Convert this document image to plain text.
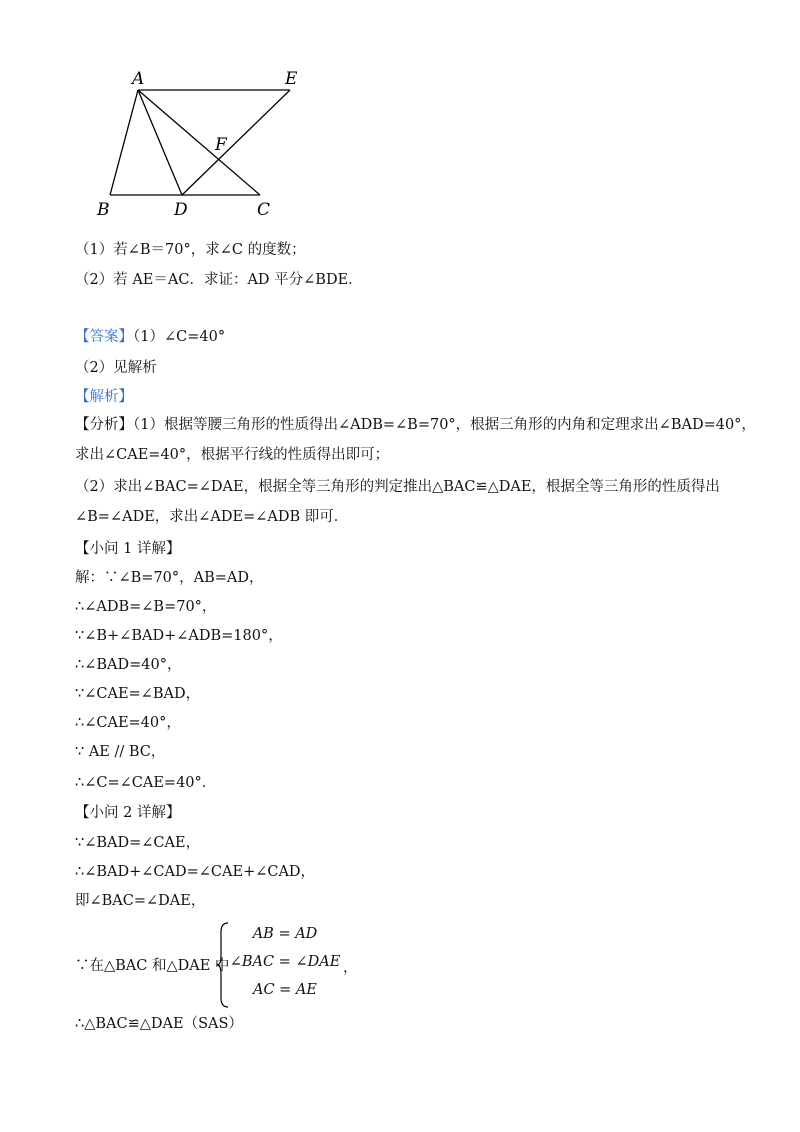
A	E
F
B	D	C
（1）若∠B＝70°，求∠C 的度数；
（2）若 AE＝AC．求证：AD 平分∠BDE．
【答案】（1）∠C=40°
（2）见解析
【解析】
【分析】（1）根据等腰三角形的性质得出∠ADB=∠B=70°，根据三角形的内角和定理求出∠BAD=40°，
求出∠CAE=40°，根据平行线的性质得出即可；
（2）求出∠BAC=∠DAE，根据全等三角形的判定推出△BAC≌△DAE，根据全等三角形的性质得出
∠B=∠ADE，求出∠ADE=∠ADB 即可．
【小问 1 详解】
解：∵∠B=70°，AB=AD，
∴∠ADB=∠B=70°，
∵∠B+∠BAD+∠ADB=180°，
∴∠BAD=40°，
∵∠CAE=∠BAD，
∴∠CAE=40°，
∵ AE // BC，
∴∠C=∠CAE=40°．
【小问 2 详解】
∵∠BAD=∠CAE，
∴∠BAD+∠CAD=∠CAE+∠CAD，
即∠BAC=∠DAE，
∵在△BAC 和△DAE 中
AB = AD
∠BAC = ∠DAE
AC = AE
，
∴△BAC≌△DAE（SAS）
